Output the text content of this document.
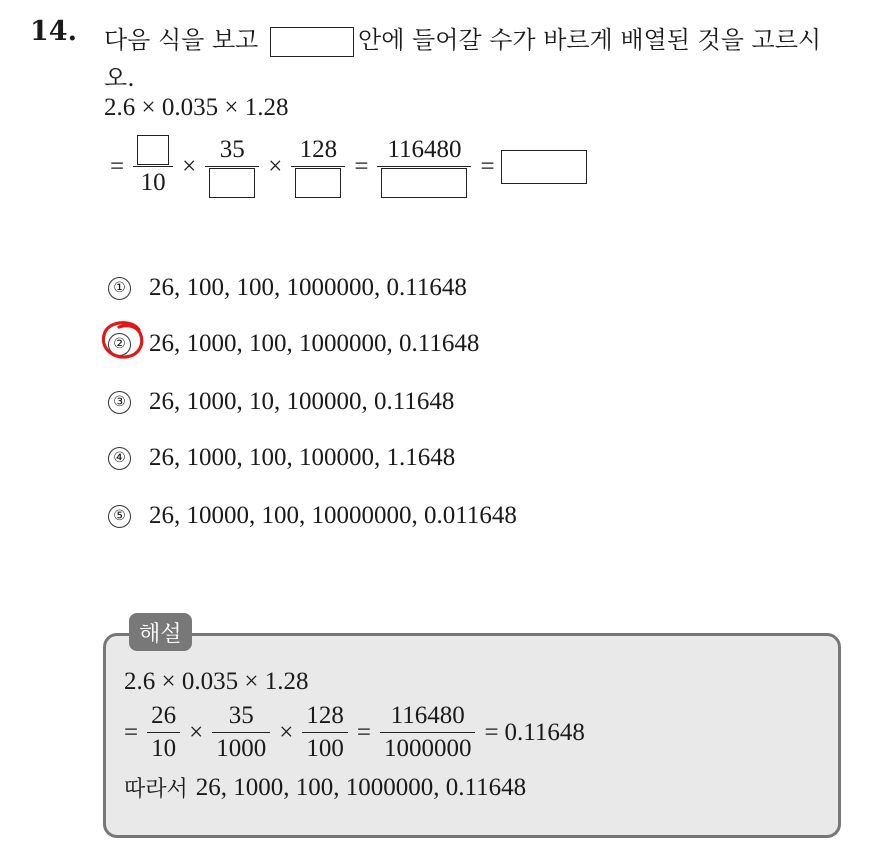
14. 다음 식을 보고	안에 들어갈 수가 바르게 배열된 것을 고르시
오.
2.6 × 0.035 × 1.28
=
10
×
35
×
128
=
116480
=
① 26, 100, 100, 1000000, 0.11648
② 26, 1000, 100, 1000000, 0.11648
③ 26, 1000, 10, 100000, 0.11648
④ 26, 1000, 100, 100000, 1.1648
⑤ 26, 10000, 100, 10000000, 0.011648
해설
2.6 × 0.035 × 1.28
= $\frac{26}{10} \times \frac{35}{1000} \times \frac{128}{100} = \frac{116480}{1000000} = 0.11648$
따라서 26, 1000, 100, 1000000, 0.11648
